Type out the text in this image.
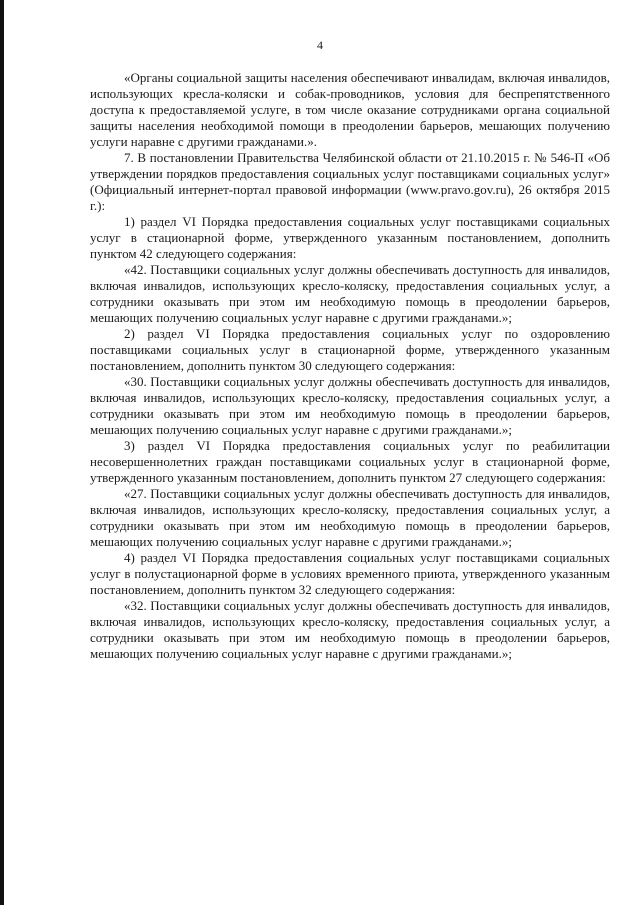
4

«Органы социальной защиты населения обеспечивают инвалидам, включая инвалидов, использующих кресла-коляски и собак-проводников, условия для беспрепятственного доступа к предоставляемой услуге, в том числе оказание сотрудниками органа социальной защиты населения необходимой помощи в преодолении барьеров, мешающих получению услуги наравне с другими гражданами.».

7. В постановлении Правительства Челябинской области от 21.10.2015 г. № 546-П «Об утверждении порядков предоставления социальных услуг поставщиками социальных услуг» (Официальный интернет-портал правовой информации (www.pravo.gov.ru), 26 октября 2015 г.):

1) раздел VI Порядка предоставления социальных услуг поставщиками социальных услуг в стационарной форме, утвержденного указанным постановлением, дополнить пунктом 42 следующего содержания:

«42. Поставщики социальных услуг должны обеспечивать доступность для инвалидов, включая инвалидов, использующих кресло-коляску, предоставления социальных услуг, а сотрудники оказывать при этом им необходимую помощь в преодолении барьеров, мешающих получению социальных услуг наравне с другими гражданами.»;

2) раздел VI Порядка предоставления социальных услуг по оздоровлению поставщиками социальных услуг в стационарной форме, утвержденного указанным постановлением, дополнить пунктом 30 следующего содержания:

«30. Поставщики социальных услуг должны обеспечивать доступность для инвалидов, включая инвалидов, использующих кресло-коляску, предоставления социальных услуг, а сотрудники оказывать при этом им необходимую помощь в преодолении барьеров, мешающих получению социальных услуг наравне с другими гражданами.»;

3) раздел VI Порядка предоставления социальных услуг по реабилитации несовершеннолетних граждан поставщиками социальных услуг в стационарной форме, утвержденного указанным постановлением, дополнить пунктом 27 следующего содержания:

«27. Поставщики социальных услуг должны обеспечивать доступность для инвалидов, включая инвалидов, использующих кресло-коляску, предоставления социальных услуг, а сотрудники оказывать при этом им необходимую помощь в преодолении барьеров, мешающих получению социальных услуг наравне с другими гражданами.»;

4) раздел VI Порядка предоставления социальных услуг поставщиками социальных услуг в полустационарной форме в условиях временного приюта, утвержденного указанным постановлением, дополнить пунктом 32 следующего содержания:

«32. Поставщики социальных услуг должны обеспечивать доступность для инвалидов, включая инвалидов, использующих кресло-коляску, предоставления социальных услуг, а сотрудники оказывать при этом им необходимую помощь в преодолении барьеров, мешающих получению социальных услуг наравне с другими гражданами.»;
